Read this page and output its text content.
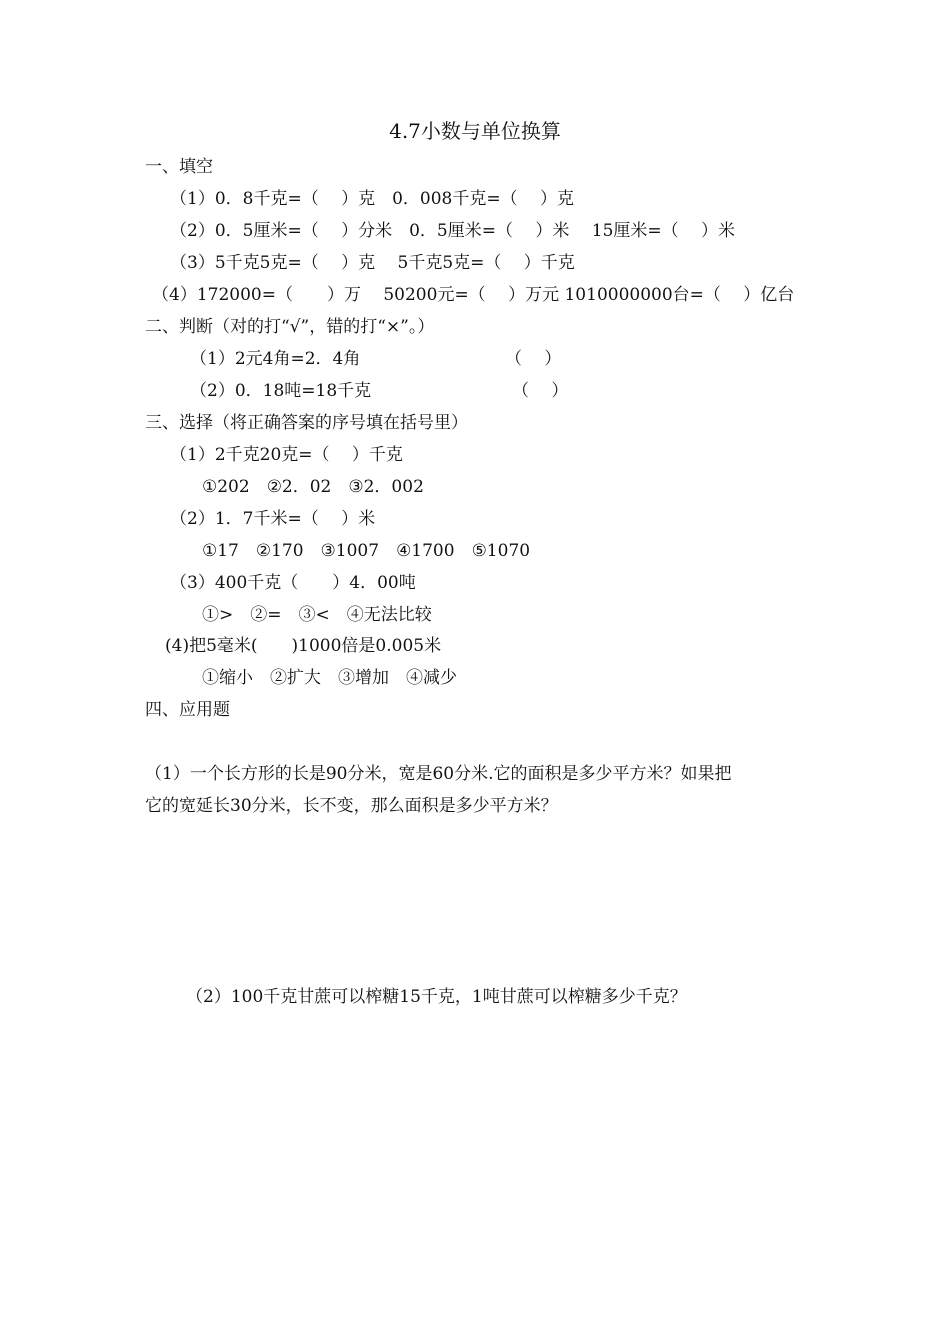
4.7小数与单位换算
一、填空
（1）0．8千克=（　 ）克　0．008千克=（　 ）克
（2）0．5厘米=（　 ）分米　0．5厘米=（　 ）米　 15厘米=（　 ）米
（3）5千克5克=（　 ）克　 5千克5克=（　 ）千克
（4）172000=（　　）万　 50200元=（　 ）万元 1010000000台=（　 ）亿台
二、判断（对的打“√”，错的打“×”。）
（1）2元4角=2．4角	（　 ）
（2）0．18吨=18千克	（　 ）
三、选择（将正确答案的序号填在括号里）
（1）2千克20克=（　 ）千克
①202　②2．02　③2．002
（2）1．7千米=（　 ）米
①17　②170　③1007　④1700　⑤1070
（3）400千克（　　）4．00吨
①>　②=　③<　④无法比较
(4)把5毫米(　　)1000倍是0.005米
①缩小　②扩大　③增加　④减少
四、应用题
（1）一个长方形的长是90分米，宽是60分米.它的面积是多少平方米？如果把
它的宽延长30分米，长不变，那么面积是多少平方米？
（2）100千克甘蔗可以榨糖15千克，1吨甘蔗可以榨糖多少千克？
